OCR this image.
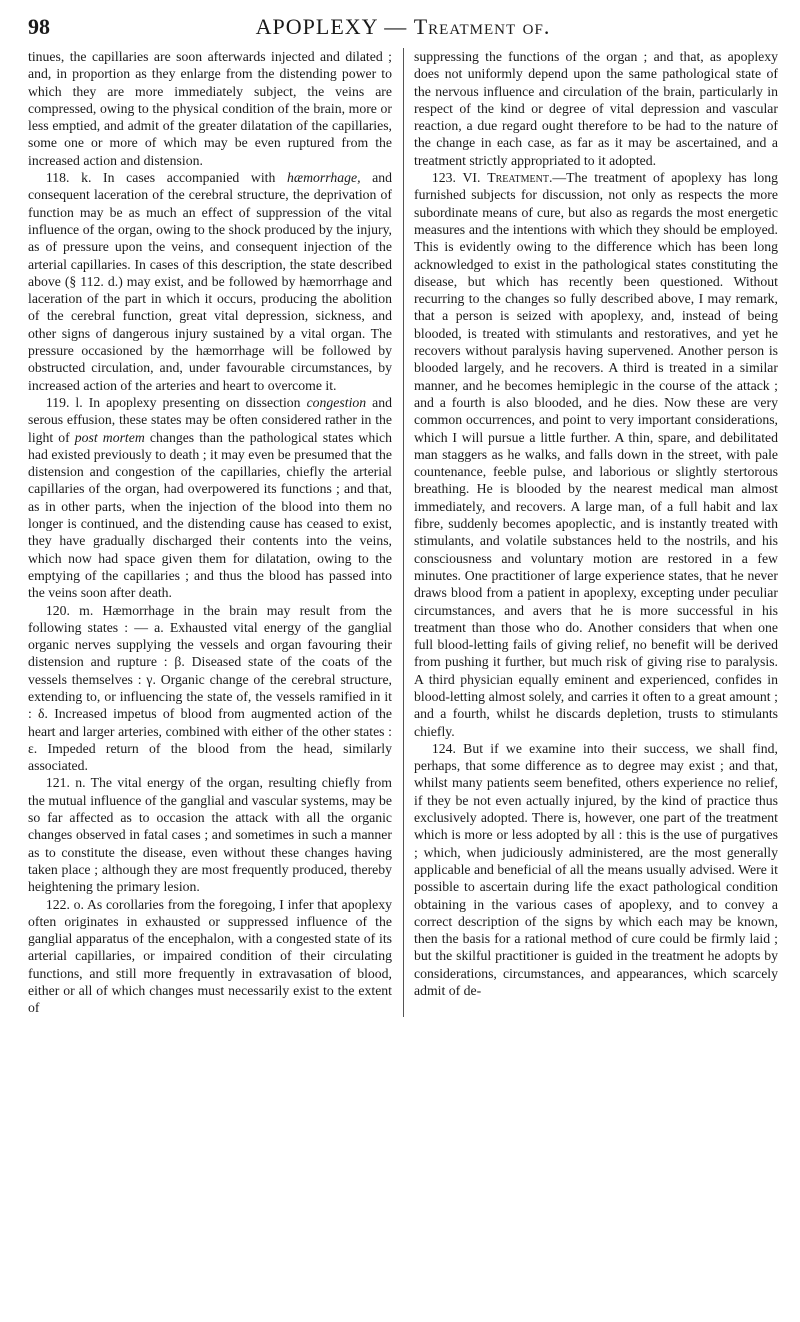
98	APOPLEXY — Treatment of.

tinues, the capillaries are soon afterwards injected and dilated ; and, in proportion as they enlarge from the distending power to which they are more immediately subject, the veins are compressed, owing to the physical condition of the brain, more or less emptied, and admit of the greater dilatation of the capillaries, some one or more of which may be even ruptured from the increased action and distension.

118. k. In cases accompanied with hæmorrhage, and consequent laceration of the cerebral structure, the deprivation of function may be as much an effect of suppression of the vital influence of the organ, owing to the shock produced by the injury, as of pressure upon the veins, and consequent injection of the arterial capillaries. In cases of this description, the state described above (§ 112. d.) may exist, and be followed by hæmorrhage and laceration of the part in which it occurs, producing the abolition of the cerebral function, great vital depression, sickness, and other signs of dangerous injury sustained by a vital organ. The pressure occasioned by the hæmorrhage will be followed by obstructed circulation, and, under favourable circumstances, by increased action of the arteries and heart to overcome it.

119. l. In apoplexy presenting on dissection congestion and serous effusion, these states may be often considered rather in the light of post mortem changes than the pathological states which had existed previously to death ; it may even be presumed that the distension and congestion of the capillaries, chiefly the arterial capillaries of the organ, had overpowered its functions ; and that, as in other parts, when the injection of the blood into them no longer is continued, and the distending cause has ceased to exist, they have gradually discharged their contents into the veins, which now had space given them for dilatation, owing to the emptying of the capillaries ; and thus the blood has passed into the veins soon after death.

120. m. Hæmorrhage in the brain may result from the following states : — a. Exhausted vital energy of the ganglial organic nerves supplying the vessels and organ favouring their distension and rupture : β. Diseased state of the coats of the vessels themselves : γ. Organic change of the cerebral structure, extending to, or influencing the state of, the vessels ramified in it : δ. Increased impetus of blood from augmented action of the heart and larger arteries, combined with either of the other states : ε. Impeded return of the blood from the head, similarly associated.

121. n. The vital energy of the organ, resulting chiefly from the mutual influence of the ganglial and vascular systems, may be so far affected as to occasion the attack with all the organic changes observed in fatal cases ; and sometimes in such a manner as to constitute the disease, even without these changes having taken place ; although they are most frequently produced, thereby heightening the primary lesion.

122. o. As corollaries from the foregoing, I infer that apoplexy often originates in exhausted or suppressed influence of the ganglial apparatus of the encephalon, with a congested state of its arterial capillaries, or impaired condition of their circulating functions, and still more frequently in extravasation of blood, either or all of which changes must necessarily exist to the extent of

suppressing the functions of the organ ; and that, as apoplexy does not uniformly depend upon the same pathological state of the nervous influence and circulation of the brain, particularly in respect of the kind or degree of vital depression and vascular reaction, a due regard ought therefore to be had to the nature of the change in each case, as far as it may be ascertained, and a treatment strictly appropriated to it adopted.

123. VI. Treatment.—The treatment of apoplexy has long furnished subjects for discussion, not only as respects the more subordinate means of cure, but also as regards the most energetic measures and the intentions with which they should be employed. This is evidently owing to the difference which has been long acknowledged to exist in the pathological states constituting the disease, but which has recently been questioned. Without recurring to the changes so fully described above, I may remark, that a person is seized with apoplexy, and, instead of being blooded, is treated with stimulants and restoratives, and yet he recovers without paralysis having supervened. Another person is blooded largely, and he recovers. A third is treated in a similar manner, and he becomes hemiplegic in the course of the attack ; and a fourth is also blooded, and he dies. Now these are very common occurrences, and point to very important considerations, which I will pursue a little further. A thin, spare, and debilitated man staggers as he walks, and falls down in the street, with pale countenance, feeble pulse, and laborious or slightly stertorous breathing. He is blooded by the nearest medical man almost immediately, and recovers. A large man, of a full habit and lax fibre, suddenly becomes apoplectic, and is instantly treated with stimulants, and volatile substances held to the nostrils, and his consciousness and voluntary motion are restored in a few minutes. One practitioner of large experience states, that he never draws blood from a patient in apoplexy, excepting under peculiar circumstances, and avers that he is more successful in his treatment than those who do. Another considers that when one full blood-letting fails of giving relief, no benefit will be derived from pushing it further, but much risk of giving rise to paralysis. A third physician equally eminent and experienced, confides in blood-letting almost solely, and carries it often to a great amount ; and a fourth, whilst he discards depletion, trusts to stimulants chiefly.

124. But if we examine into their success, we shall find, perhaps, that some difference as to degree may exist ; and that, whilst many patients seem benefited, others experience no relief, if they be not even actually injured, by the kind of practice thus exclusively adopted. There is, however, one part of the treatment which is more or less adopted by all : this is the use of purgatives ; which, when judiciously administered, are the most generally applicable and beneficial of all the means usually advised. Were it possible to ascertain during life the exact pathological condition obtaining in the various cases of apoplexy, and to convey a correct description of the signs by which each may be known, then the basis for a rational method of cure could be firmly laid ; but the skilful practitioner is guided in the treatment he adopts by considerations, circumstances, and appearances, which scarcely admit of de-
